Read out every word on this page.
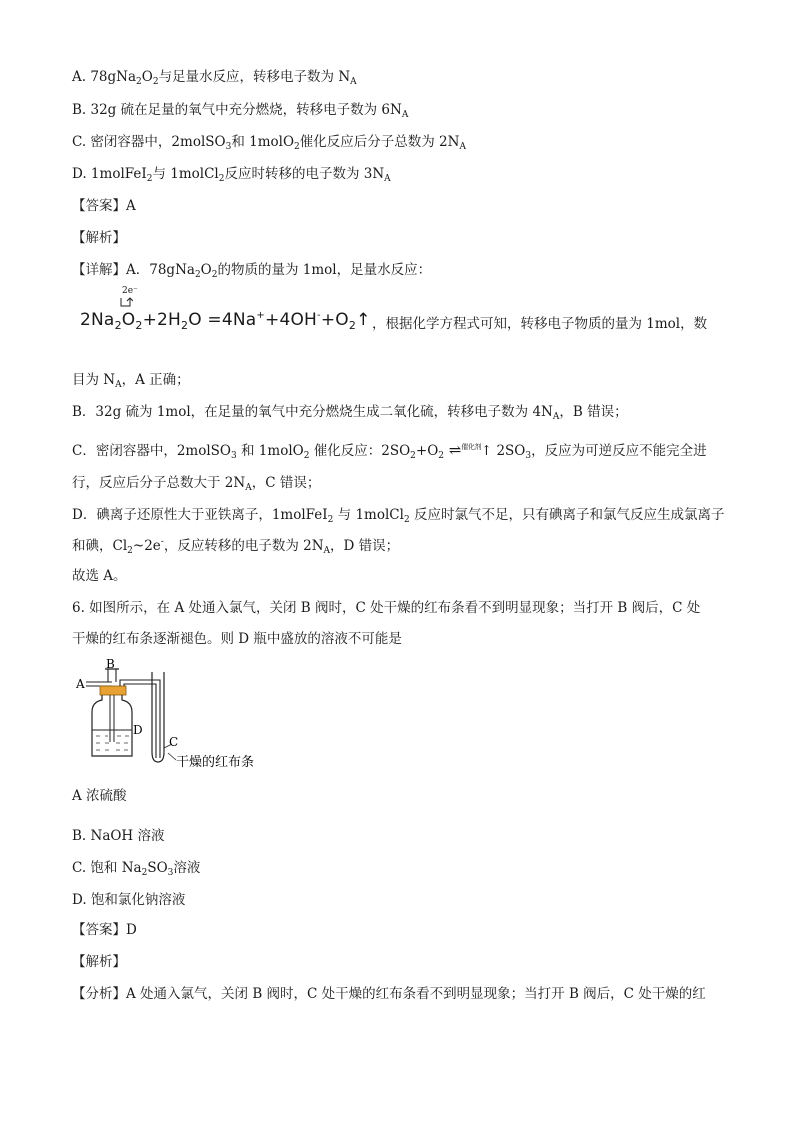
A. $78gNa_2O_2$与足量水反应，转移电子数为 $N_A$
B. 32g 硫在足量的氧气中充分燃烧，转移电子数为 $6N_A$
C. 密闭容器中，2molSO$_3$和 1molO$_2$催化反应后分子总数为 $2N_A$
D. 1molFeI$_2$与 1molCl$_2$反应时转移的电子数为 $3N_A$
【答案】A
【解析】
【详解】A．$78gNa_2O_2$的物质的量为 1mol，足量水反应：
2e⁻
$2Na_2O_2+2H_2O$ $=4Na^++4OH^-+O_2↑$ ，根据化学方程式可知，转移电子物质的量为 1mol，数
目为 $N_A$，A 正确；
B．32g 硫为 1mol，在足量的氧气中充分燃烧生成二氧化硫，转移电子数为 $4N_A$，B 错误；
C．密闭容器中，2molSO$_3$ 和 1molO$_2$ 催化反应：$2SO_2+O_2$ ⇌$^{催化剂}$↑ $2SO_3$，反应为可逆反应不能完全进
行，反应后分子总数大于 $2N_A$，C 错误；
D．碘离子还原性大于亚铁离子，1molFeI$_2$ 与 1molCl$_2$ 反应时氯气不足，只有碘离子和氯气反应生成氯离子
和碘，$Cl_2\sim 2e^-$，反应转移的电子数为 $2N_A$，D 错误；
故选 A。
6. 如图所示，在 A 处通入氯气，关闭 B 阀时，C 处干燥的红布条看不到明显现象；当打开 B 阀后，C 处
干燥的红布条逐渐褪色。则 D 瓶中盛放的溶液不可能是
A
B
D
C
干燥的红布条
A 浓硫酸
B. NaOH 溶液
C. 饱和 $Na_2SO_3$溶液
D. 饱和氯化钠溶液
【答案】D
【解析】
【分析】A 处通入氯气，关闭 B 阀时，C 处干燥的红布条看不到明显现象；当打开 B 阀后，C 处干燥的红
